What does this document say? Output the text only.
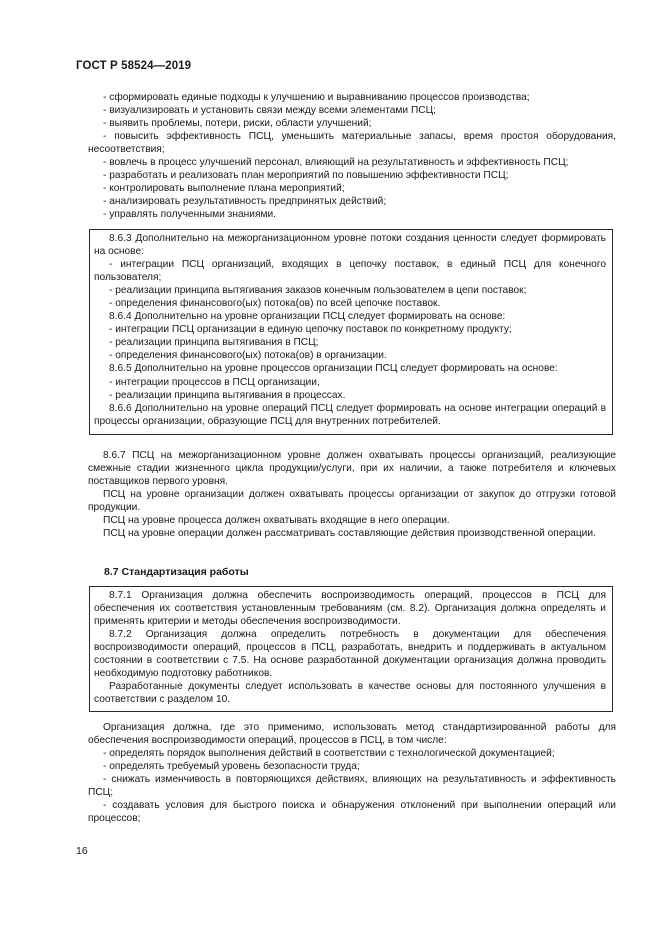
ГОСТ Р 58524—2019

- сформировать единые подходы к улучшению и выравниванию процессов производства;

- визуализировать и установить связи между всеми элементами ПСЦ;

- выявить проблемы, потери, риски, области улучшений;

- повысить эффективность ПСЦ, уменьшить материальные запасы, время простоя оборудования, несоответствия;

- вовлечь в процесс улучшений персонал, влияющий на результативность и эффективность ПСЦ;

- разработать и реализовать план мероприятий по повышению эффективности ПСЦ;

- контролировать выполнение плана мероприятий;

- анализировать результативность предпринятых действий;

- управлять полученными знаниями.

8.6.3 Дополнительно на межорганизационном уровне потоки создания ценности следует формировать на основе:

- интеграции ПСЦ организаций, входящих в цепочку поставок, в единый ПСЦ для конечного пользователя;

- реализации принципа вытягивания заказов конечным пользователем в цепи поставок;

- определения финансового(ых) потока(ов) по всей цепочке поставок.

8.6.4 Дополнительно на уровне организации ПСЦ следует формировать на основе:

- интеграции ПСЦ организации в единую цепочку поставок по конкретному продукту;

- реализации принципа вытягивания в ПСЦ;

- определения финансового(ых) потока(ов) в организации.

8.6.5 Дополнительно на уровне процессов организации ПСЦ следует формировать на основе:

- интеграции процессов в ПСЦ организации,

- реализации принципа вытягивания в процессах.

8.6.6 Дополнительно на уровне операций ПСЦ следует формировать на основе интеграции операций в процессы организации, образующие ПСЦ для внутренних потребителей.

8.6.7 ПСЦ на межорганизационном уровне должен охватывать процессы организаций, реализующие смежные стадии жизненного цикла продукции/услуги, при их наличии, а также потребителя и ключевых поставщиков первого уровня.

ПСЦ на уровне организации должен охватывать процессы организации от закупок до отгрузки готовой продукции.

ПСЦ на уровне процесса должен охватывать входящие в него операции.

ПСЦ на уровне операции должен рассматривать составляющие действия производственной операции.

8.7 Стандартизация работы

8.7.1 Организация должна обеспечить воспроизводимость операций, процессов в ПСЦ для обеспечения их соответствия установленным требованиям (см. 8.2). Организация должна определять и применять критерии и методы обеспечения воспроизводимости.

8.7.2 Организация должна определить потребность в документации для обеспечения воспроизводимости операций, процессов в ПСЦ, разработать, внедрить и поддерживать в актуальном состоянии в соответствии с 7.5. На основе разработанной документации организация должна проводить необходимую подготовку работников.

Разработанные документы следует использовать в качестве основы для постоянного улучшения в соответствии с разделом 10.

Организация должна, где это применимо, использовать метод стандартизированной работы для обеспечения воспроизводимости операций, процессов в ПСЦ, в том числе:

- определять порядок выполнения действий в соответствии с технологической документацией;

- определять требуемый уровень безопасности труда;

- снижать изменчивость в повторяющихся действиях, влияющих на результативность и эффективность ПСЦ;

- создавать условия для быстрого поиска и обнаружения отклонений при выполнении операций или процессов;

16
